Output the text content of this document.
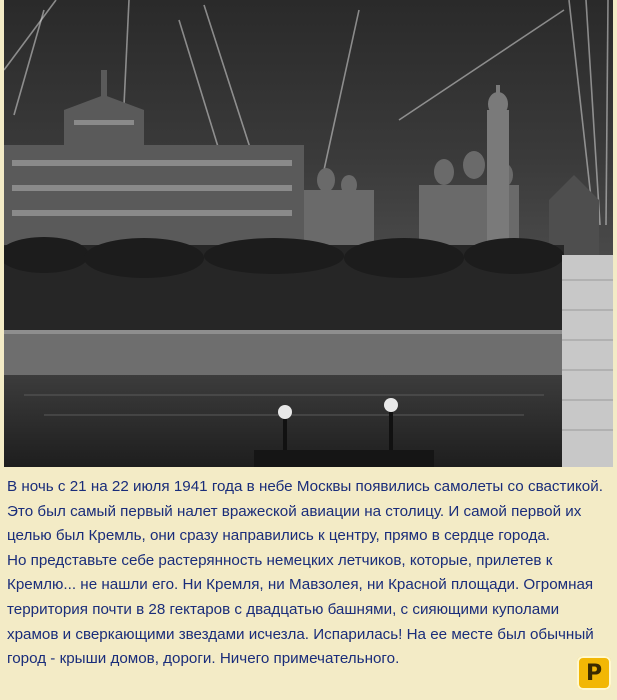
В ночь с 21 на 22 июля 1941 года в небе Москвы появились самолеты со свастикой. Это был самый первый налет вражеской авиации на столицу. И самой первой их целью был Кремль, они сразу направились к центру, прямо в сердце города.

Но представьте себе растерянность немецких летчиков, которые, прилетев к Кремлю... не нашли его. Ни Кремля, ни Мавзолея, ни Красной площади. Огромная территория почти в 28 гектаров с двадцатью башнями, с сияющими куполами храмов и сверкающими звездами исчезла. Испарилась! На ее месте был обычный город - крыши домов, дороги. Ничего примечательного.

P
